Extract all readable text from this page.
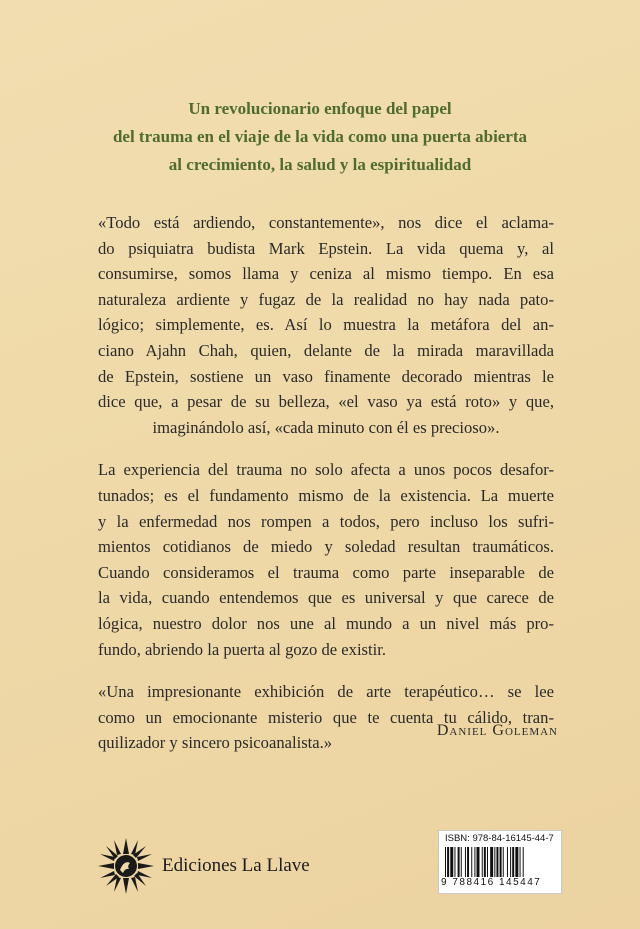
Un revolucionario enfoque del papel
del trauma en el viaje de la vida como una puerta abierta
al crecimiento, la salud y la espiritualidad

«Todo está ardiendo, constantemente», nos dice el aclama-
do psiquiatra budista Mark Epstein. La vida quema y, al
consumirse, somos llama y ceniza al mismo tiempo. En esa
naturaleza ardiente y fugaz de la realidad no hay nada pato-
lógico; simplemente, es. Así lo muestra la metáfora del an-
ciano Ajahn Chah, quien, delante de la mirada maravillada
de Epstein, sostiene un vaso finamente decorado mientras le
dice que, a pesar de su belleza, «el vaso ya está roto» y que,
imaginándolo así, «cada minuto con él es precioso».

La experiencia del trauma no solo afecta a unos pocos desafor-
tunados; es el fundamento mismo de la existencia. La muerte
y la enfermedad nos rompen a todos, pero incluso los sufri-
mientos cotidianos de miedo y soledad resultan traumáticos.
Cuando consideramos el trauma como parte inseparable de
la vida, cuando entendemos que es universal y que carece de
lógica, nuestro dolor nos une al mundo a un nivel más pro-
fundo, abriendo la puerta al gozo de existir.

«Una impresionante exhibición de arte terapéutico… se lee
como un emocionante misterio que te cuenta tu cálido, tran-
quilizador y sincero psicoanalista.»

Daniel Goleman
Ediciones La Llave
ISBN: 978-84-16145-44-7
9 788416 145447
